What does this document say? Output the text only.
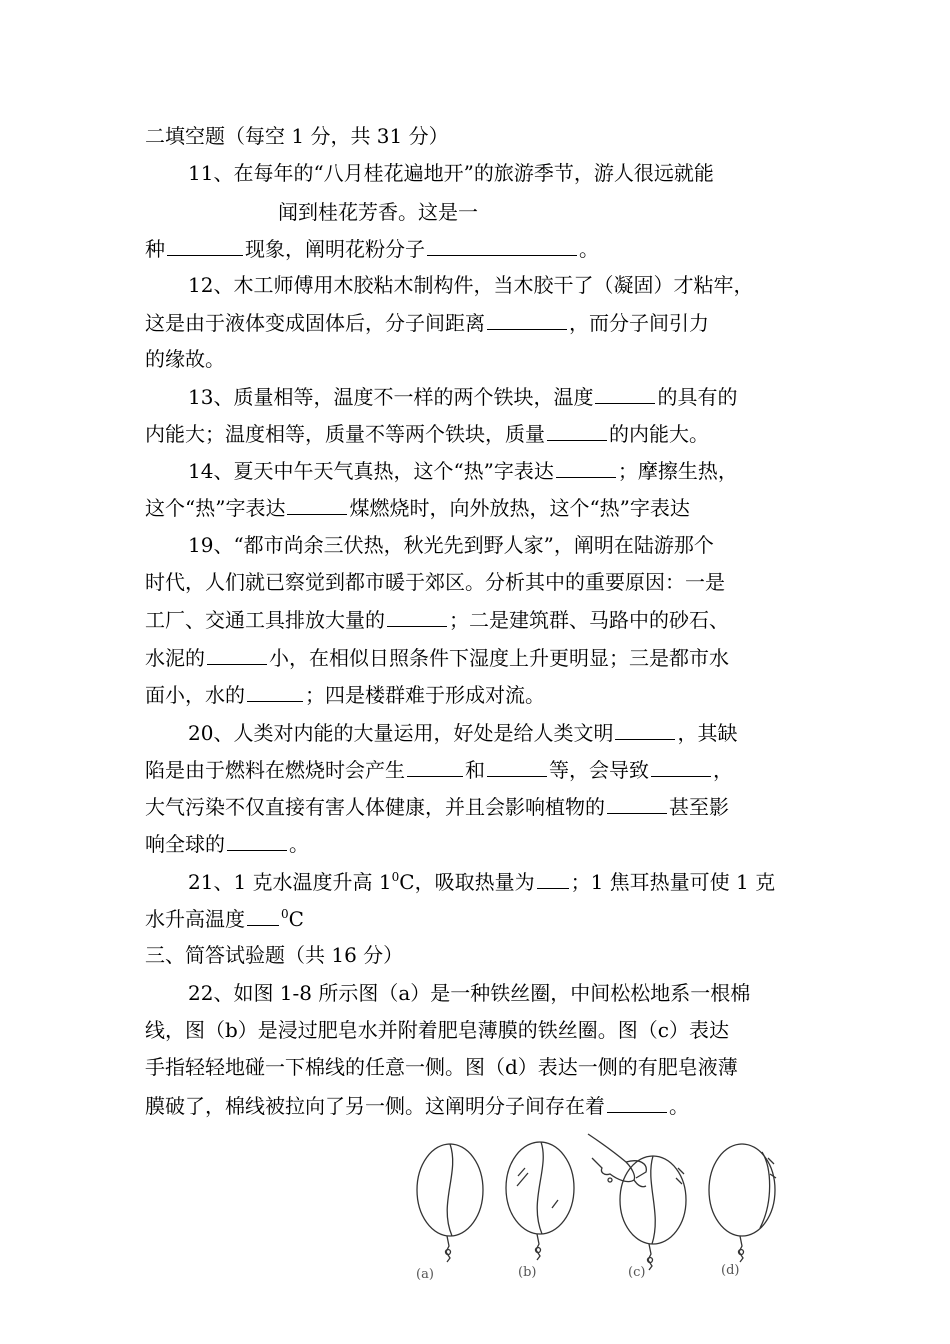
二填空题（每空 1 分，共 31 分）
11、在每年的“八月桂花遍地开”的旅游季节，游人很远就能
闻到桂花芳香。这是一
种	现象，阐明花粉分子	。
12、木工师傅用木胶粘木制构件，当木胶干了（凝固）才粘牢，
这是由于液体变成固体后，分子间距离	，而分子间引力
的缘故。
13、质量相等，温度不一样的两个铁块，温度	的具有的
内能大；温度相等，质量不等两个铁块，质量	的内能大。
14、夏天中午天气真热，这个“热”字表达	；摩擦生热，
这个“热”字表达	煤燃烧时，向外放热，这个“热”字表达
19、“都市尚余三伏热，秋光先到野人家”，阐明在陆游那个
时代，人们就已察觉到都市暖于郊区。分析其中的重要原因：一是
工厂、交通工具排放大量的	；二是建筑群、马路中的砂石、
水泥的	小，在相似日照条件下湿度上升更明显；三是都市水
面小，水的	；四是楼群难于形成对流。
20、人类对内能的大量运用，好处是给人类文明	，其缺
陷是由于燃料在燃烧时会产生	和	等，会导致	，
大气污染不仅直接有害人体健康，并且会影响植物的	甚至影
响全球的	。
21、1 克水温度升高 $1^0C$，吸取热量为 ；1 焦耳热量可使 1 克
水升高温度	$^0$C
三、简答试验题（共 16 分）
22、如图 1-8 所示图（a）是一种铁丝圈，中间松松地系一根棉
线，图（b）是浸过肥皂水并附着肥皂薄膜的铁丝圈。图（c）表达
手指轻轻地碰一下棉线的任意一侧。图（d）表达一侧的有肥皂液薄
膜破了，棉线被拉向了另一侧。这阐明分子间存在着	。
(a)	(b)	(c)	(d)
